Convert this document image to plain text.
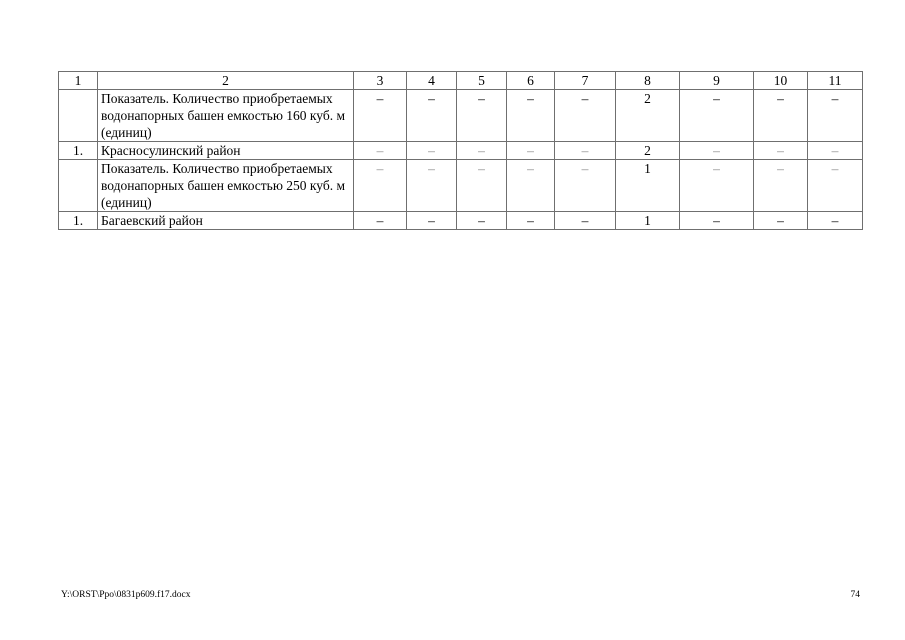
1	2	3	4	5	6	7	8	9	10	11
	Показатель. Количество приобретаемых водонапорных башен емкостью 160 куб. м (единиц)	–	–	–	–	–	2	–	–	–
1.	Красносулинский район	–	–	–	–	–	2	–	–	–
	Показатель. Количество приобретаемых водонапорных башен емкостью 250 куб. м (единиц)	–	–	–	–	–	1	–	–	–
1.	Багаевский район	–	–	–	–	–	1	–	–	–
Y:\ORST\Ppo\0831p609.f17.docx	74
